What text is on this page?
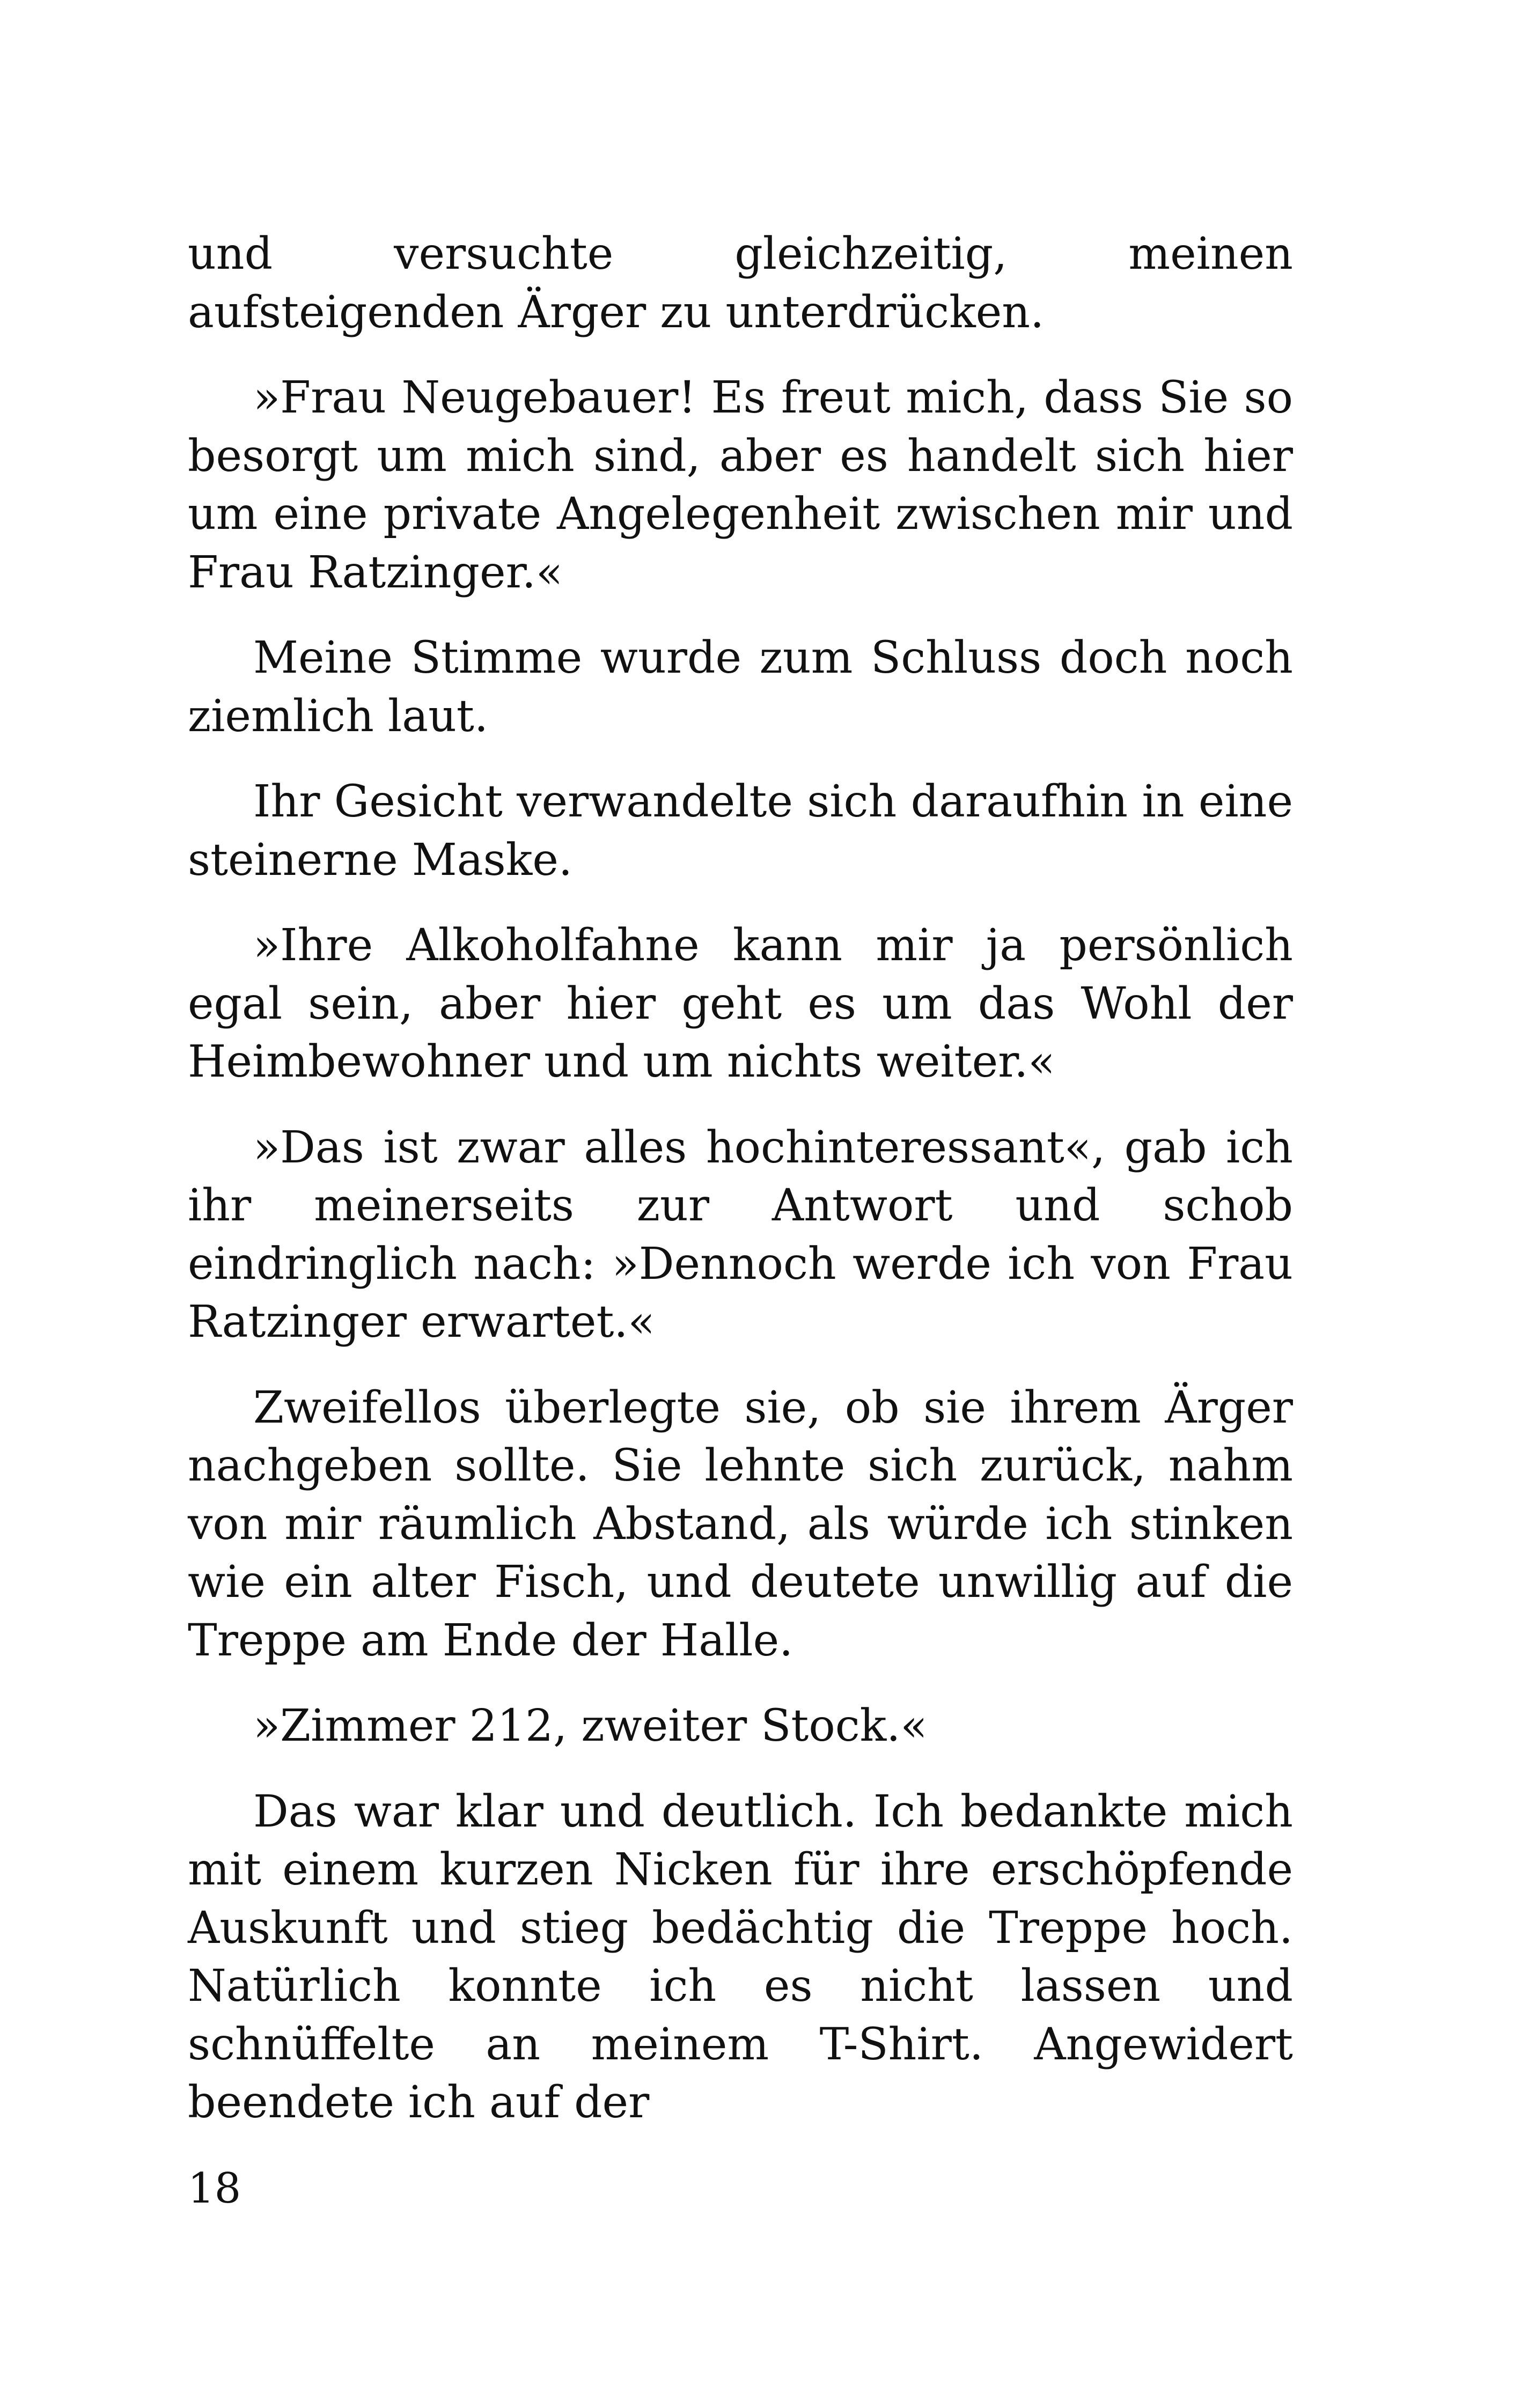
und versuchte gleichzeitig, meinen aufsteigenden Ärger zu unterdrücken.

»Frau Neugebauer! Es freut mich, dass Sie so besorgt um mich sind, aber es handelt sich hier um eine private Angelegenheit zwischen mir und Frau Ratzinger.«

Meine Stimme wurde zum Schluss doch noch ziemlich laut.

Ihr Gesicht verwandelte sich daraufhin in eine steinerne Maske.

»Ihre Alkoholfahne kann mir ja persönlich egal sein, aber hier geht es um das Wohl der Heimbewohner und um nichts weiter.«

»Das ist zwar alles hochinteressant«, gab ich ihr meinerseits zur Antwort und schob eindringlich nach: »Dennoch werde ich von Frau Ratzinger erwartet.«

Zweifellos überlegte sie, ob sie ihrem Ärger nachgeben sollte. Sie lehnte sich zurück, nahm von mir räumlich Abstand, als würde ich stinken wie ein alter Fisch, und deutete unwillig auf die Treppe am Ende der Halle.

»Zimmer 212, zweiter Stock.«

Das war klar und deutlich. Ich bedankte mich mit einem kurzen Nicken für ihre erschöpfende Auskunft und stieg bedächtig die Treppe hoch. Natürlich konnte ich es nicht lassen und schnüffelte an meinem T-Shirt. Angewidert beendete ich auf der

18
